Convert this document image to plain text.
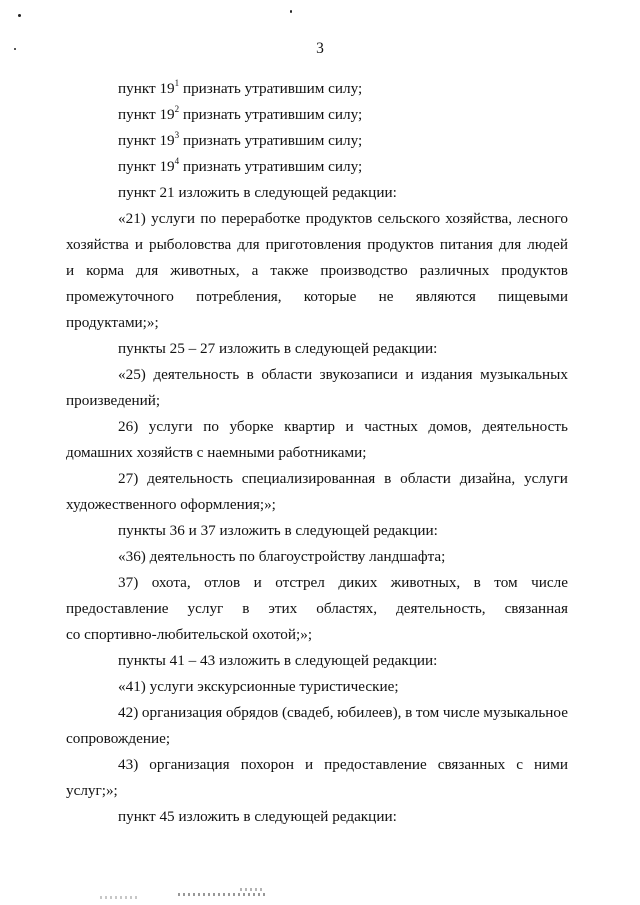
3

пункт $19^1$ признать утратившим силу;

пункт $19^2$ признать утратившим силу;

пункт $19^3$ признать утратившим силу;

пункт $19^4$ признать утратившим силу;

пункт 21 изложить в следующей редакции:

«21) услуги по переработке продуктов сельского хозяйства, лесного
хозяйства и рыболовства для приготовления продуктов питания для людей
и корма для животных, а также производство различных продуктов
промежуточного потребления, которые не являются пищевыми
продуктами;»;

пункты 25 – 27 изложить в следующей редакции:

«25) деятельность в области звукозаписи и издания музыкальных
произведений;
26) услуги по уборке квартир и частных домов, деятельность
домашних хозяйств с наемными работниками;
27) деятельность специализированная в области дизайна, услуги
художественного оформления;»;

пункты 36 и 37 изложить в следующей редакции:

«36) деятельность по благоустройству ландшафта;

37) охота, отлов и отстрел диких животных, в том числе
предоставление услуг в этих областях, деятельность, связанная
со спортивно-любительской охотой;»;

пункты 41 – 43 изложить в следующей редакции:

«41) услуги экскурсионные туристические;

42) организация обрядов (свадеб, юбилеев), в том числе музыкальное
сопровождение;
43) организация похорон и предоставление связанных с ними
услуг;»;

пункт 45 изложить в следующей редакции:
